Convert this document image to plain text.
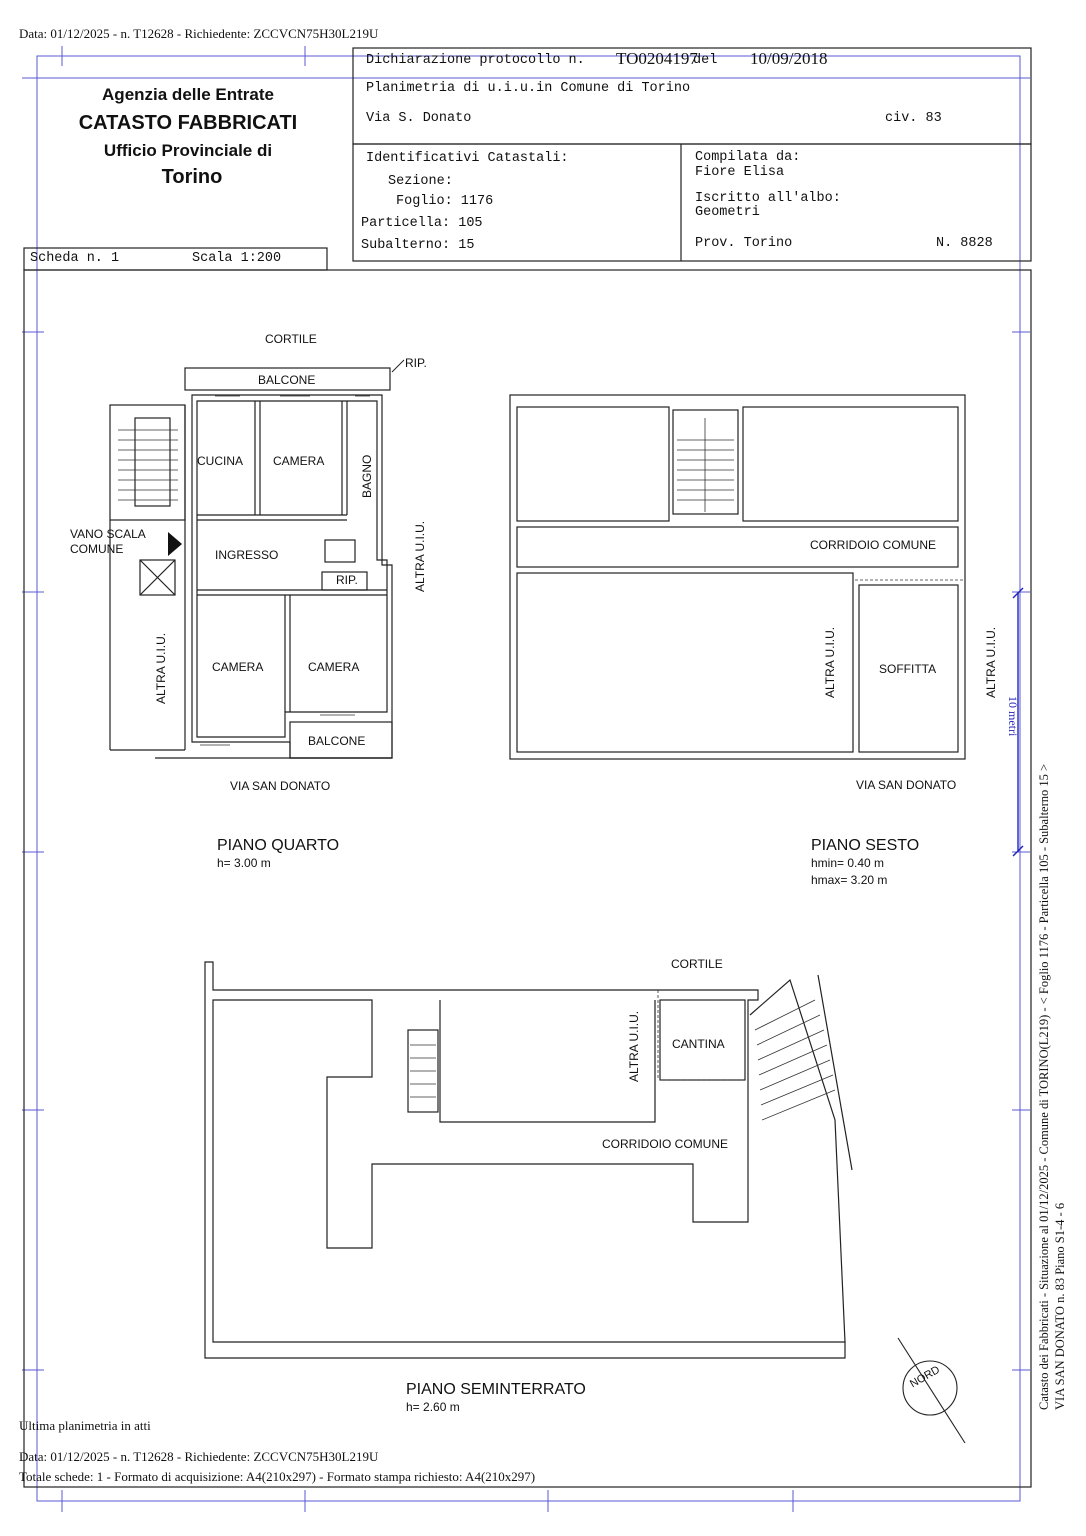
Data: 01/12/2025 - n. T12628 - Richiedente: ZCCVCN75H30L219U
Agenzia delle Entrate
CATASTO FABBRICATI
Ufficio Provinciale di
Torino
Scheda n. 1	Scala 1:200
Dichiarazione protocollo n. TO0204197
del 10/09/2018
Planimetria di u.i.u.in Comune di Torino
Via S. Donato	civ. 83
Identificativi Catastali:
Sezione:
Foglio: 1176
Particella: 105
Subalterno: 15
Compilata da:
Fiore Elisa
Iscritto all'albo:
Geometri
Prov. Torino	N. 8828
CORTILE
BALCONE
RIP.
CUCINA CAMERA	BAGNO
VANO SCALA
COMUNE	INGRESSO
RIP.	ALTRA U.I.U.
ALTRA U.I.U.	CAMERA	CAMERA
BALCONE
VIA SAN DONATO
CORRIDOIO COMUNE
ALTRA U.I.U.	SOFFITTA	ALTRA U.I.U.
VIA SAN DONATO
CORTILE
ALTRA U.I.U.	CANTINA
CORRIDOIO COMUNE
NORD
PIANO QUARTO
h= 3.00 m
PIANO SESTO
hmin= 0.40 m
hmax= 3.20 m
PIANO SEMINTERRATO
h= 2.60 m
10 metri
Catasto dei Fabbricati - Situazione al 01/12/2025 - Comune di TORINO(L219) - < Foglio 1176 - Particella 105 - Subalterno 15 > VIA SAN DONATO n. 83 Piano S1-4 - 6
Ultima planimetria in atti
Data: 01/12/2025 - n. T12628 - Richiedente: ZCCVCN75H30L219U
Totale schede: 1 - Formato di acquisizione: A4(210x297) - Formato stampa richiesto: A4(210x297)
